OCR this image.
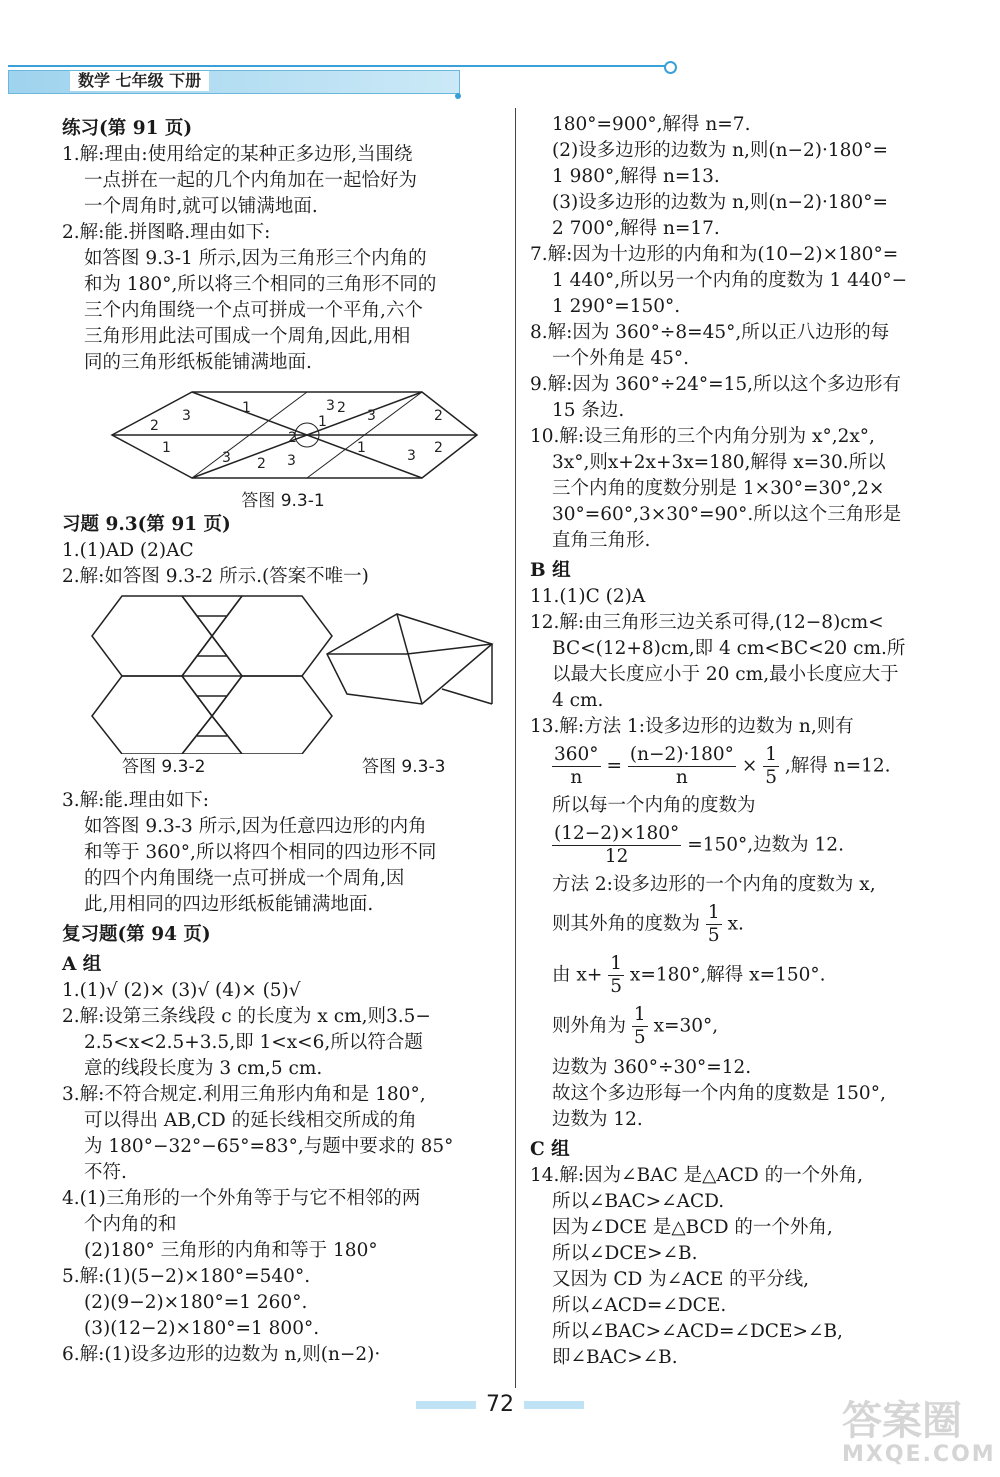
数学 七年级 下册
练习(第 91 页)
1.解:理由:使用给定的某种正多边形,当围绕
一点拼在一起的几个内角加在一起恰好为
一个周角时,就可以铺满地面.
2.解:能.拼图略.理由如下:
如答图 9.3-1 所示,因为三角形三个内角的
和为 180°,所以将三个相同的三角形不同的
三个内角围绕一个点可拼成一个平角,六个
三角形用此法可围成一个周角,因此,用相
同的三角形纸板能铺满地面.
2
1
3	1
3 2
2
1
3 2
1	3 2
2
3
3
答图 9.3-1
习题 9.3(第 91 页)
1.(1)AD (2)AC
2.解:如答图 9.3-2 所示.(答案不唯一)
答图 9.3-2	答图 9.3-3
3.解:能.理由如下:
如答图 9.3-3 所示,因为任意四边形的内角
和等于 360°,所以将四个相同的四边形不同
的四个内角围绕一点可拼成一个周角,因
此,用相同的四边形纸板能铺满地面.
复习题(第 94 页)
A 组
1.(1)√ (2)× (3)√ (4)× (5)√
2.解:设第三条线段 c 的长度为 x cm,则3.5−
2.5<x<2.5+3.5,即 1<x<6,所以符合题
意的线段长度为 3 cm,5 cm.
3.解:不符合规定.利用三角形内角和是 180°,
可以得出 AB,CD 的延长线相交所成的角
为 180°−32°−65°=83°,与题中要求的 85°
不符.
4.(1)三角形的一个外角等于与它不相邻的两
个内角的和
(2)180° 三角形的内角和等于 180°
5.解:(1)(5−2)×180°=540°.
(2)(9−2)×180°=1 260°.
(3)(12−2)×180°=1 800°.
6.解:(1)设多边形的边数为 n,则(n−2)·
180°=900°,解得 n=7.
(2)设多边形的边数为 n,则(n−2)·180°=
1 980°,解得 n=13.
(3)设多边形的边数为 n,则(n−2)·180°=
2 700°,解得 n=17.
7.解:因为十边形的内角和为(10−2)×180°=
1 440°,所以另一个内角的度数为 1 440°−
1 290°=150°.
8.解:因为 360°÷8=45°,所以正八边形的每
一个外角是 45°.
9.解:因为 360°÷24°=15,所以这个多边形有
15 条边.
10.解:设三角形的三个内角分别为 x°,2x°,
3x°,则x+2x+3x=180,解得 x=30.所以
三个内角的度数分别是 1×30°=30°,2×
30°=60°,3×30°=90°.所以这个三角形是
直角三角形.
B 组
11.(1)C (2)A
12.解:由三角形三边关系可得,(12−8)cm<
BC<(12+8)cm,即 4 cm<BC<20 cm.所
以最大长度应小于 20 cm,最小长度应大于
4 cm.
13.解:方法 1:设多边形的边数为 n,则有
$\frac{360^\circ}{n} = \frac{(n-2)\cdot 180^\circ}{n} \times \frac{1}{5}$ ,解得 n=12.
所以每一个内角的度数为
$\frac{(12-2)\times 180^\circ}{12} =150^\circ$,边数为 12.
方法 2:设多边形的一个内角的度数为 x,
则其外角的度数为 $\frac{1}{5} x$.
由 $x+ \frac{1}{5} x=180^\circ$,解得 x=150°.
则外角为 $\frac{1}{5} x=30^\circ$,
边数为 360°÷30°=12.
故这个多边形每一个内角的度数是 150°,
边数为 12.
C 组
14.解:因为∠BAC 是△ACD 的一个外角,
所以∠BAC>∠ACD.
因为∠DCE 是△BCD 的一个外角,
所以∠DCE>∠B.
又因为 CD 为∠ACE 的平分线,
所以∠ACD=∠DCE.
所以∠BAC>∠ACD=∠DCE>∠B,
即∠BAC>∠B.
72	答案圈
MXQE.COM
